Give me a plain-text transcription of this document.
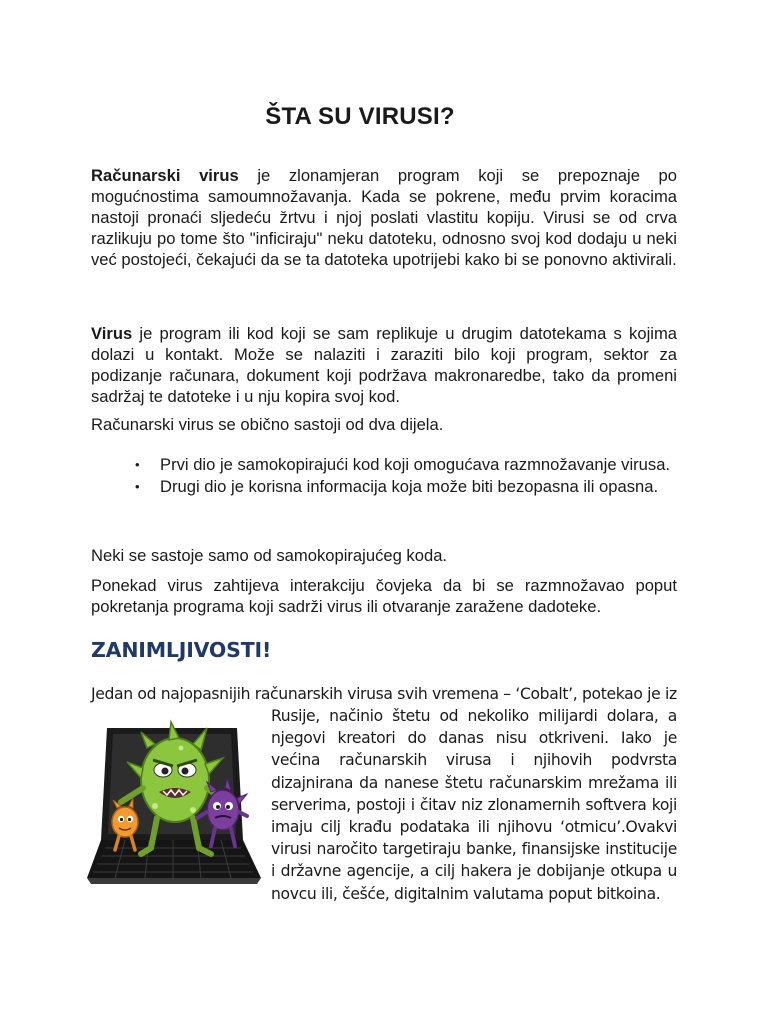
ŠTA SU VIRUSI?

Računarski virus je zlonamjeran program koji se prepoznaje po mogućnostima samoumnožavanja. Kada se pokrene, među prvim koracima nastoji pronaći sljedeću žrtvu i njoj poslati vlastitu kopiju. Virusi se od crva razlikuju po tome što "inficiraju" neku datoteku, odnosno svoj kod dodaju u neki već postojeći, čekajući da se ta datoteka upotrijebi kako bi se ponovno aktivirali.

Virus je program ili kod koji se sam replikuje u drugim datotekama s kojima dolazi u kontakt. Može se nalaziti i zaraziti bilo koji program, sektor za podizanje računara, dokument koji podržava makronaredbe, tako da promeni sadržaj te datoteke i u nju kopira svoj kod.

Računarski virus se obično sastoji od dva dijela.

• Prvi dio je samokopirajući kod koji omogućava razmnožavanje virusa.
• Drugi dio je korisna informacija koja može biti bezopasna ili opasna.

Neki se sastoje samo od samokopirajućeg koda.

Ponekad virus zahtijeva interakciju čovjeka da bi se razmnožavao poput pokretanja programa koji sadrži virus ili otvaranje zaražene dadoteke.

ZANIMLJIVOSTI!
Jedan od najopasnijih računarskih virusa svih vremena – ‘Cobalt’, potekao je iz

Rusije, načinio štetu od nekoliko milijardi dolara, a njegovi kreatori do danas nisu otkriveni. Iako je većina računarskih virusa i njihovih podvrsta dizajnirana da nanese štetu računarskim mrežama ili serverima, postoji i čitav niz zlonamernih softvera koji imaju cilj krađu podataka ili njihovu ‘otmicu’.Ovakvi virusi naročito targetiraju banke, finansijske institucije i državne agencije, a cilj hakera je dobijanje otkupa u novcu ili, češće, digitalnim valutama poput bitkoina.
